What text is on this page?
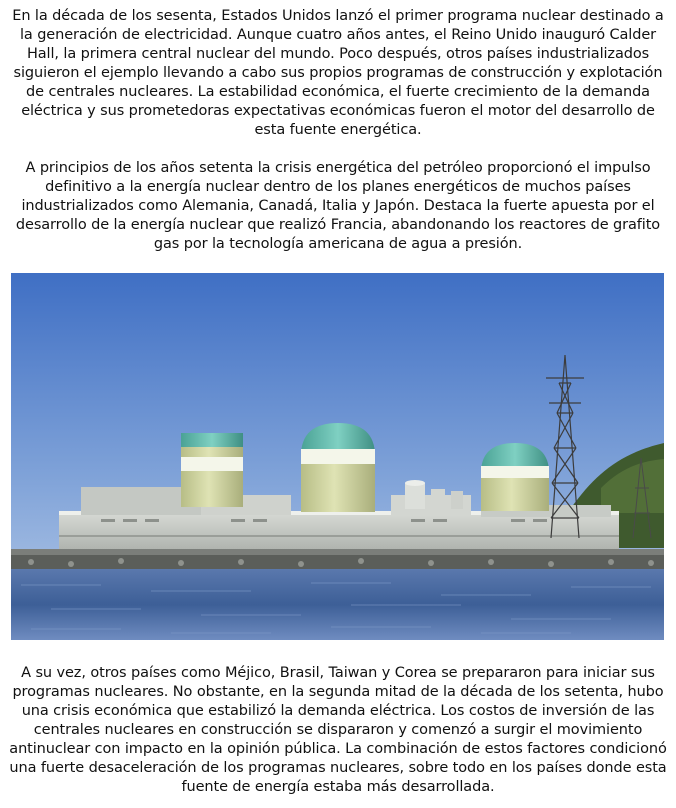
En la década de los sesenta, Estados Unidos lanzó el primer programa nuclear destinado a la generación de electricidad. Aunque cuatro años antes, el Reino Unido inauguró Calder Hall, la primera central nuclear del mundo. Poco después, otros países industrializados siguieron el ejemplo llevando a cabo sus propios programas de construcción y explotación de centrales nucleares. La estabilidad económica, el fuerte crecimiento de la demanda eléctrica y sus prometedoras expectativas económicas fueron el motor del desarrollo de esta fuente energética.

A principios de los años setenta la crisis energética del petróleo proporcionó el impulso definitivo a la energía nuclear dentro de los planes energéticos de muchos países industrializados como Alemania, Canadá, Italia y Japón. Destaca la fuerte apuesta por el desarrollo de la energía nuclear que realizó Francia, abandonando los reactores de grafito gas por la tecnología americana de agua a presión.

A su vez, otros países como Méjico, Brasil, Taiwan y Corea se prepararon para iniciar sus programas nucleares. No obstante, en la segunda mitad de la década de los setenta, hubo una crisis económica que estabilizó la demanda eléctrica. Los costos de inversión de las centrales nucleares en construcción se dispararon y comenzó a surgir el movimiento antinuclear con impacto en la opinión pública. La combinación de estos factores condicionó una fuerte desaceleración de los programas nucleares, sobre todo en los países donde esta fuente de energía estaba más desarrollada.
